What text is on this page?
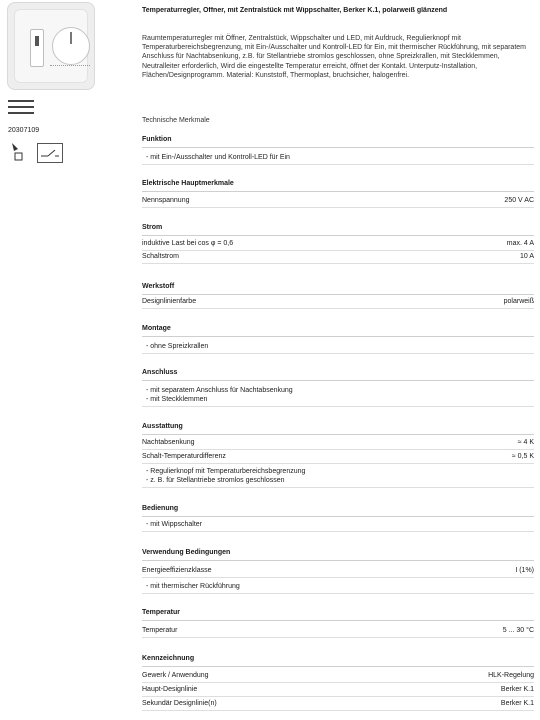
20307109
Temperaturregler, Öffner, mit Zentralstück mit Wippschalter, Berker K.1, polarweiß glänzend
Raumtemperaturregler mit Öffner, Zentralstück, Wippschalter und LED, mit Aufdruck, Regulierknopf mit Temperaturbereichsbegrenzung, mit Ein-/Ausschalter und Kontroll-LED für Ein, mit thermischer Rückführung, mit separatem Anschluss für Nachtabsenkung, z.B. für Stellantriebe stromlos geschlossen, ohne Spreizkrallen, mit Steckklemmen, Neutralleiter erforderlich, Wird die eingestellte Temperatur erreicht, öffnet der Kontakt. Unterputz-Installation, Flächen/Designprogramm. Material: Kunststoff, Thermoplast, bruchsicher, halogenfrei.
Technische Merkmale
Funktion
- mit Ein-/Ausschalter und Kontroll-LED für Ein
Elektrische Hauptmerkmale
Nennspannung	250 V AC
Strom
induktive Last bei cos φ = 0,6	max. 4 A
Schaltstrom	10 A
Werkstoff
Designlinienfarbe	polarweiß
Montage
- ohne Spreizkrallen
Anschluss
- mit separatem Anschluss für Nachtabsenkung
- mit Steckklemmen
Ausstattung
Nachtabsenkung	≈ 4 K
Schalt-Temperaturdifferenz	≈ 0,5 K
- Regulierknopf mit Temperaturbereichsbegrenzung
- z. B. für Stellantriebe stromlos geschlossen
Bedienung
- mit Wippschalter
Verwendung Bedingungen
Energieeffizienzklasse	I (1%)
- mit thermischer Rückführung
Temperatur
Temperatur	5 ... 30 °C
Kennzeichnung
Gewerk / Anwendung	HLK-Regelung
Haupt-Designlinie	Berker K.1
Sekundär Designlinie(n)	Berker K.1
